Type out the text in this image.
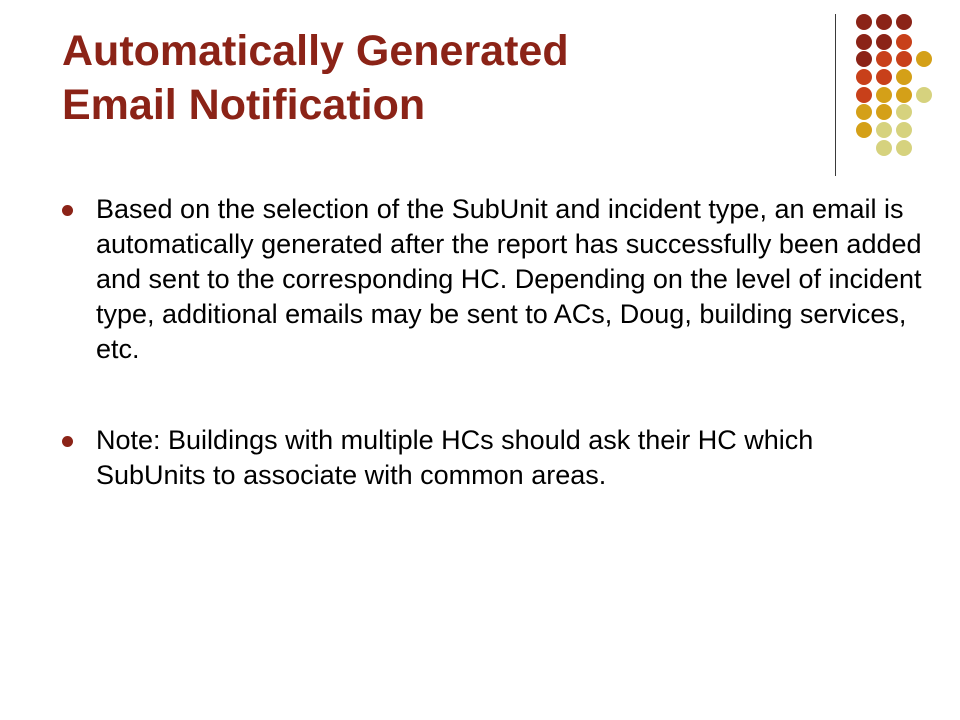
Automatically Generated
Email Notification
Based on the selection of the SubUnit and incident type, an email is automatically generated after the report has successfully been added and sent to the corresponding HC. Depending on the level of incident type, additional emails may be sent to ACs, Doug, building services, etc.
Note: Buildings with multiple HCs should ask their HC which SubUnits to associate with common areas.
